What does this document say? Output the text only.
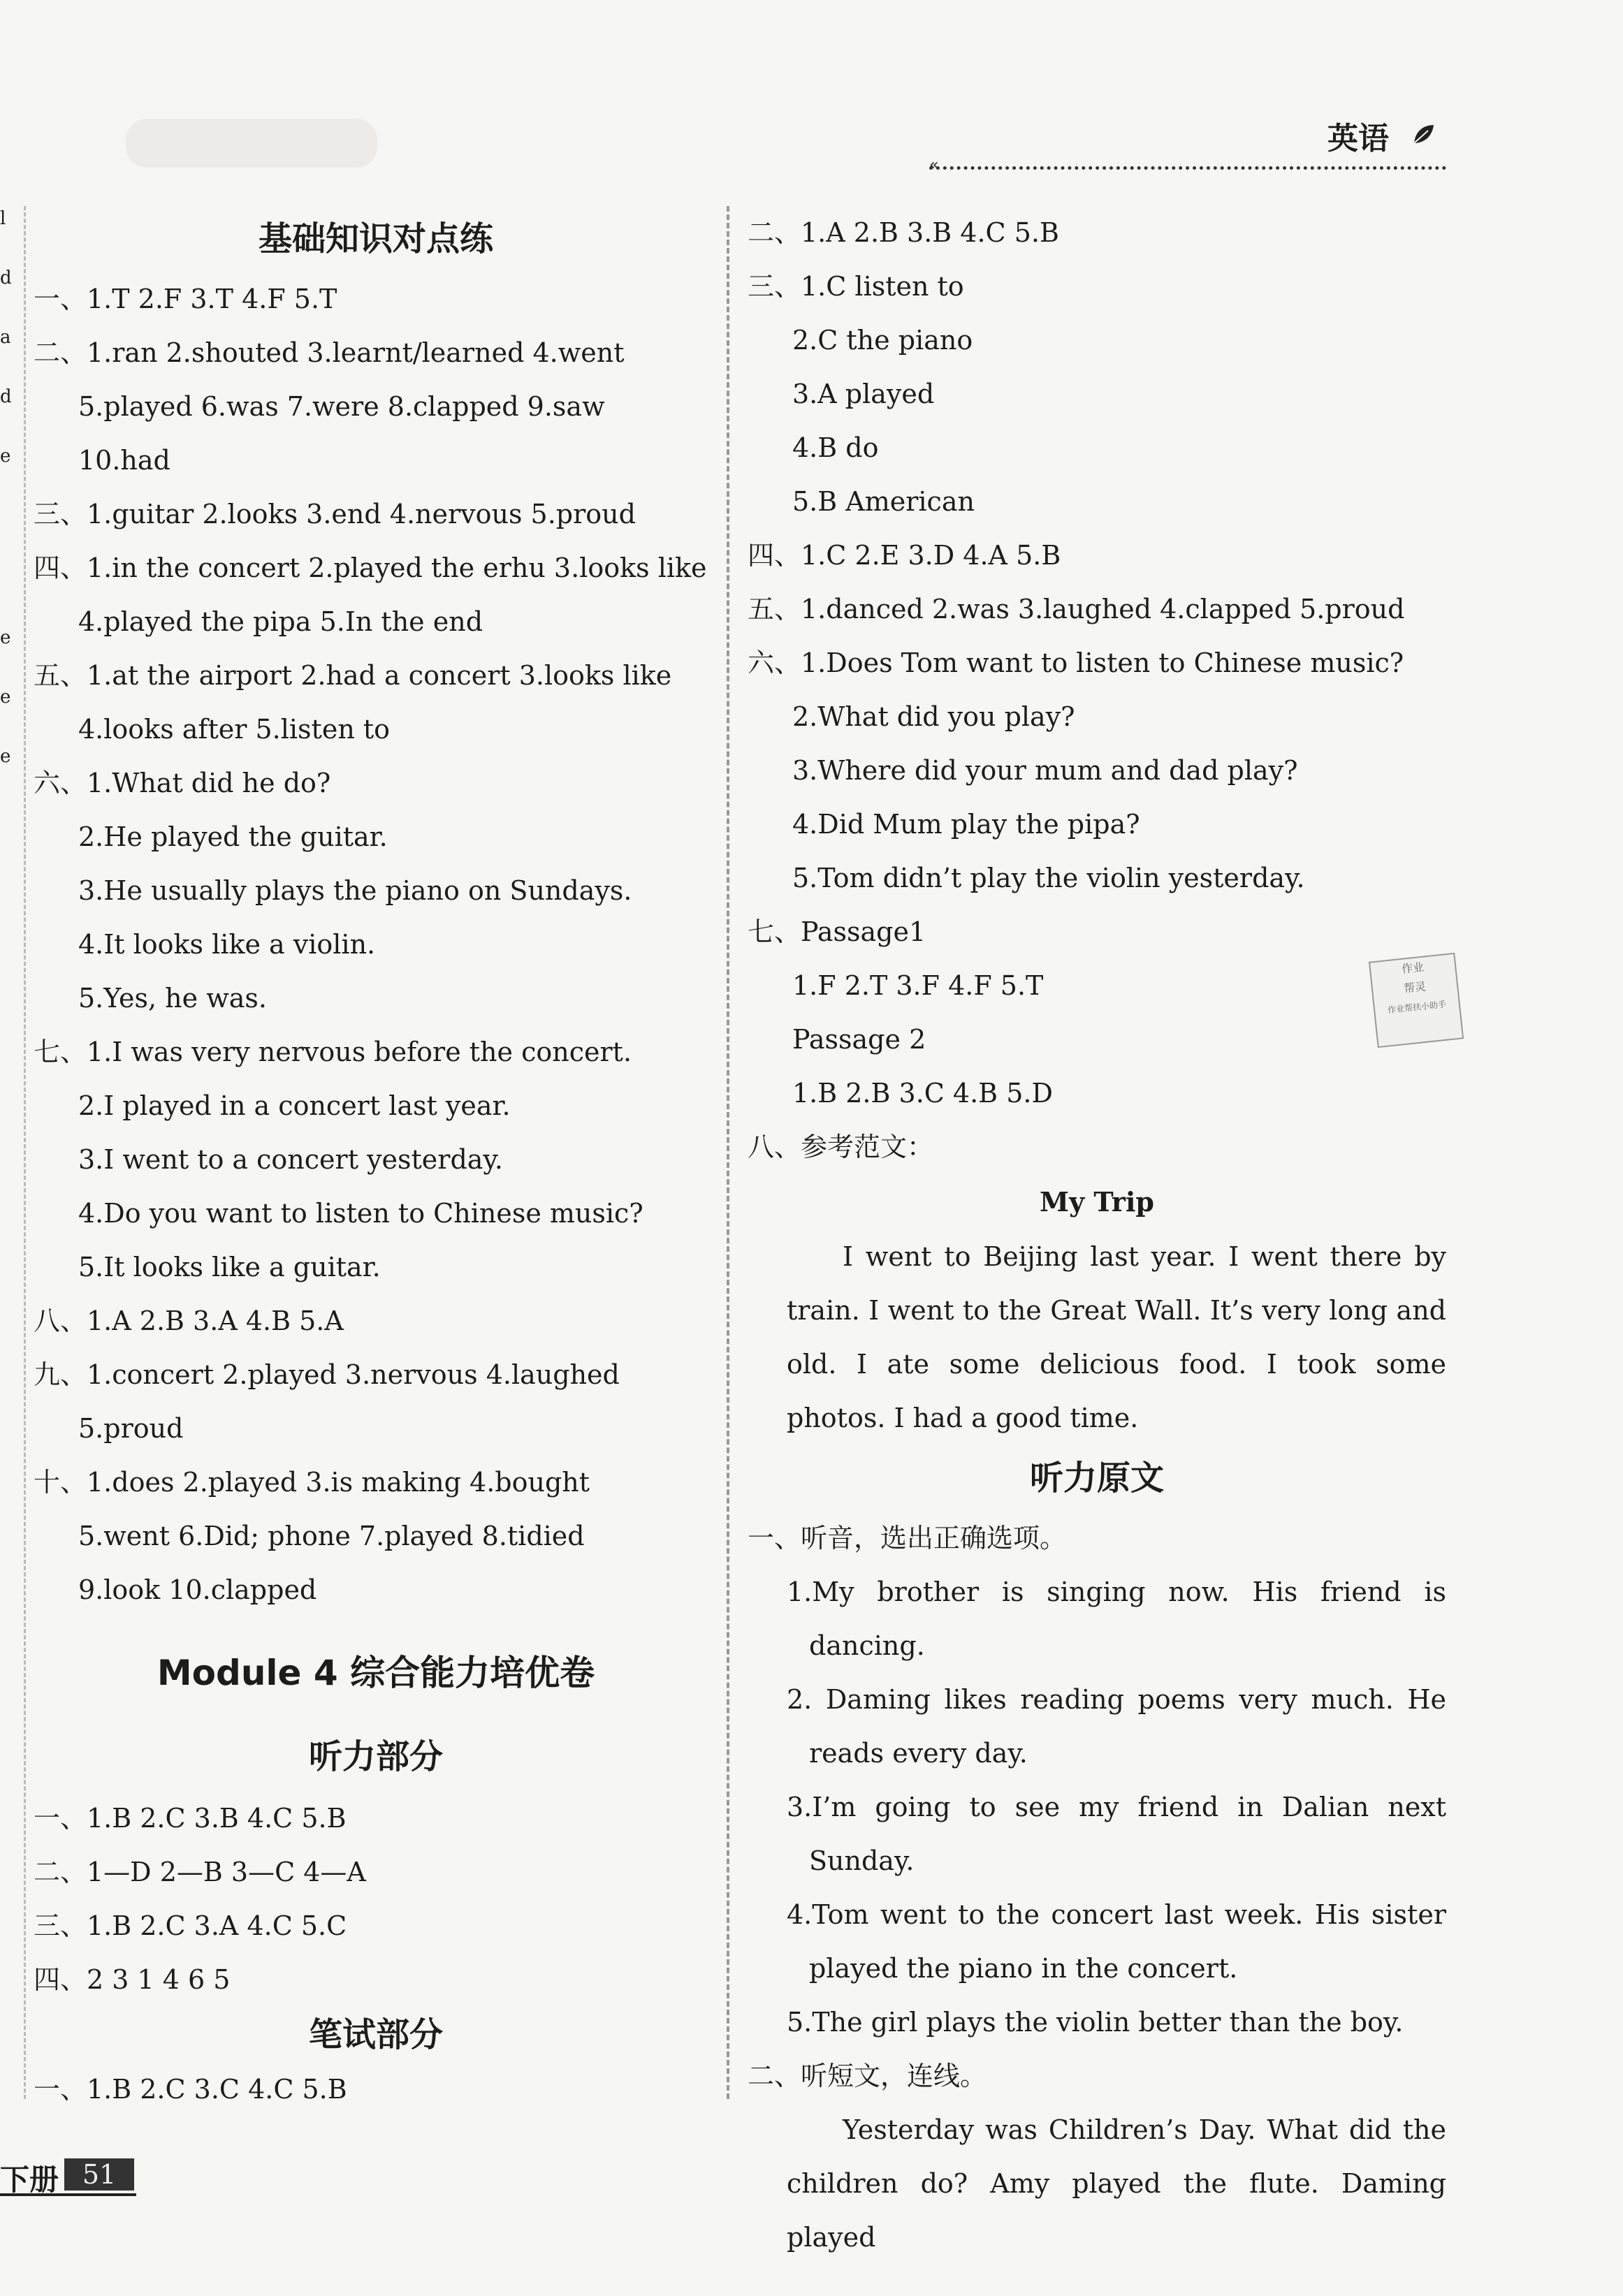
英语
«
l
d
a
d
e
e
e
e
基础知识对点练
一、1.T 2.F 3.T 4.F 5.T
二、1.ran 2.shouted 3.learnt/learned 4.went
5.played 6.was 7.were 8.clapped 9.saw
10.had
三、1.guitar 2.looks 3.end 4.nervous 5.proud
四、1.in the concert 2.played the erhu 3.looks like
4.played the pipa 5.In the end
五、1.at the airport 2.had a concert 3.looks like
4.looks after 5.listen to
六、1.What did he do?
2.He played the guitar.
3.He usually plays the piano on Sundays.
4.It looks like a violin.
5.Yes, he was.
七、1.I was very nervous before the concert.
2.I played in a concert last year.
3.I went to a concert yesterday.
4.Do you want to listen to Chinese music?
5.It looks like a guitar.
八、1.A 2.B 3.A 4.B 5.A
九、1.concert 2.played 3.nervous 4.laughed
5.proud
十、1.does 2.played 3.is making 4.bought
5.went 6.Did; phone 7.played 8.tidied
9.look 10.clapped
Module 4 综合能力培优卷
听力部分
一、1.B 2.C 3.B 4.C 5.B
二、1—D 2—B 3—C 4—A
三、1.B 2.C 3.A 4.C 5.C
四、2 3 1 4 6 5
笔试部分
一、1.B 2.C 3.C 4.C 5.B
二、1.A 2.B 3.B 4.C 5.B
三、1.C listen to
2.C the piano
3.A played
4.B do
5.B American
四、1.C 2.E 3.D 4.A 5.B
五、1.danced 2.was 3.laughed 4.clapped 5.proud
六、1.Does Tom want to listen to Chinese music?
2.What did you play?
3.Where did your mum and dad play?
4.Did Mum play the pipa?
5.Tom didn’t play the violin yesterday.
七、Passage1
1.F 2.T 3.F 4.F 5.T
Passage 2
1.B 2.B 3.C 4.B 5.D
八、参考范文：
My Trip
I went to Beijing last year. I went there by train. I went to the Great Wall. It’s very long and old. I ate some delicious food. I took some photos. I had a good time.
听力原文
一、听音，选出正确选项。
1.My brother is singing now. His friend is dancing.
2. Daming likes reading poems very much. He reads every day.
3.I’m going to see my friend in Dalian next Sunday.
4.Tom went to the concert last week. His sister played the piano in the concert.
5.The girl plays the violin better than the boy.
二、听短文，连线。
Yesterday was Children’s Day. What did the children do? Amy played the flute. Daming played
作业
帮灵
作业帮扶小助手
下册 51
